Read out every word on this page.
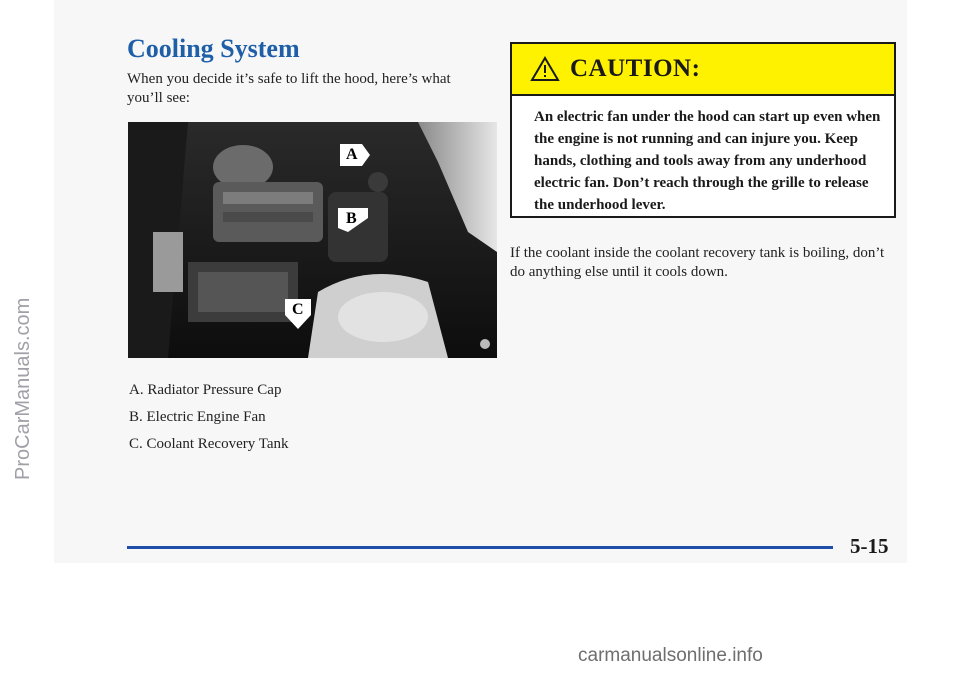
ProCarManuals.com
Cooling System
When you decide it’s safe to lift the hood, here’s what you’ll see:
A
B
C
A. Radiator Pressure Cap
B. Electric Engine Fan
C. Coolant Recovery Tank
CAUTION:
An electric fan under the hood can start up even when the engine is not running and can injure you. Keep hands, clothing and tools away from any underhood electric fan. Don’t reach through the grille to release the underhood lever.
If the coolant inside the coolant recovery tank is boiling, don’t do anything else until it cools down.
5-15
carmanualsonline.info
